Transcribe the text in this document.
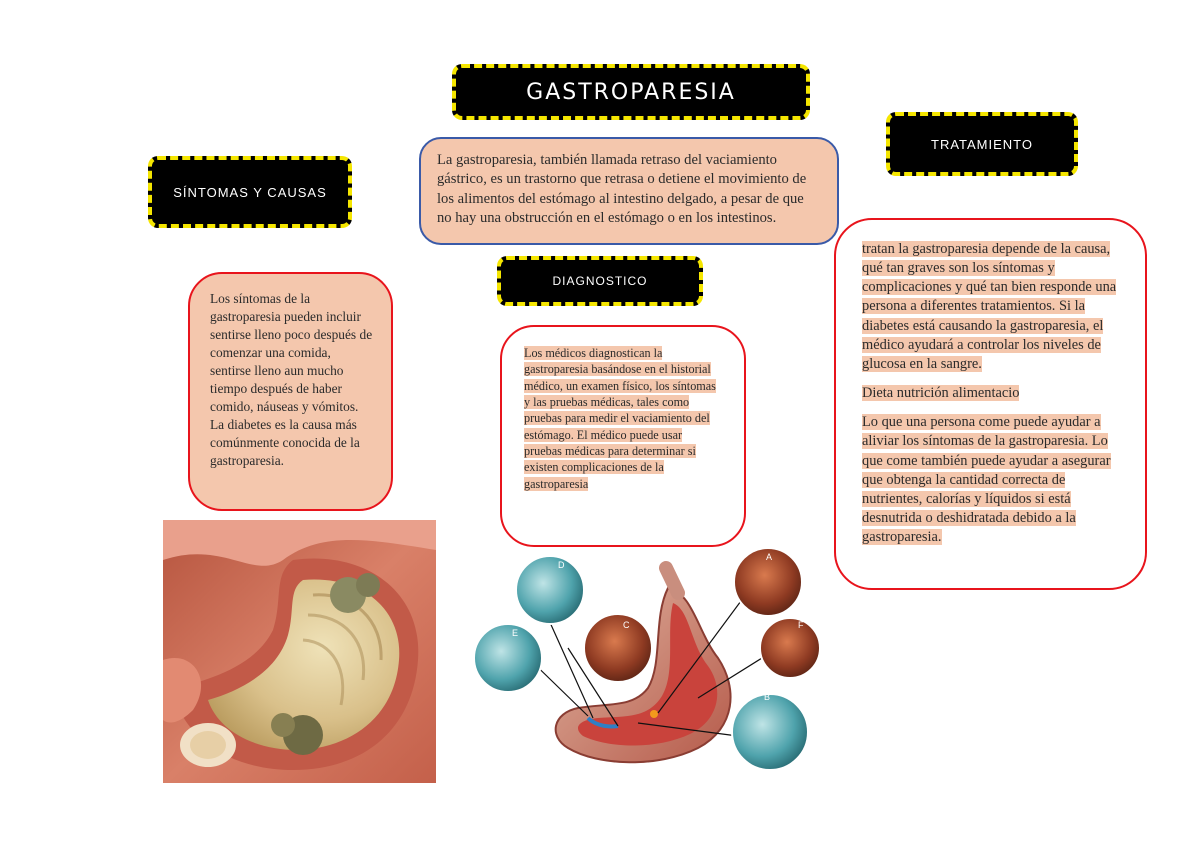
GASTROPARESIA

La gastroparesia, también llamada retraso del vaciamiento gástrico, es un trastorno que retrasa o detiene el movimiento de los alimentos del estómago al intestino delgado, a pesar de que no hay una obstrucción en el estómago o en los intestinos.

SÍNTOMAS Y CAUSAS

Los síntomas de la gastroparesia pueden incluir sentirse lleno poco después de comenzar una comida, sentirse lleno aun mucho tiempo después de haber comido, náuseas y vómitos. La diabetes es la causa más comúnmente conocida de la gastroparesia.

DIAGNOSTICO

Los médicos diagnostican la gastroparesia basándose en el historial médico, un examen físico, los síntomas y las pruebas médicas, tales como pruebas para medir el vaciamiento del estómago. El médico puede usar pruebas médicas para determinar si existen complicaciones de la gastroparesia

TRATAMIENTO

tratan la gastroparesia depende de la causa, qué tan graves son los síntomas y complicaciones y qué tan bien responde una persona a diferentes tratamientos. Si la diabetes está causando la gastroparesia, el médico ayudará a controlar los niveles de glucosa en la sangre.

Dieta nutrición alimentacio

Lo que una persona come puede ayudar a aliviar los síntomas de la gastroparesia. Lo que come también puede ayudar a asegurar que obtenga la cantidad correcta de nutrientes, calorías y líquidos si está desnutrida o deshidratada debido a la gastroparesia.

D
E
C
A
F
B
